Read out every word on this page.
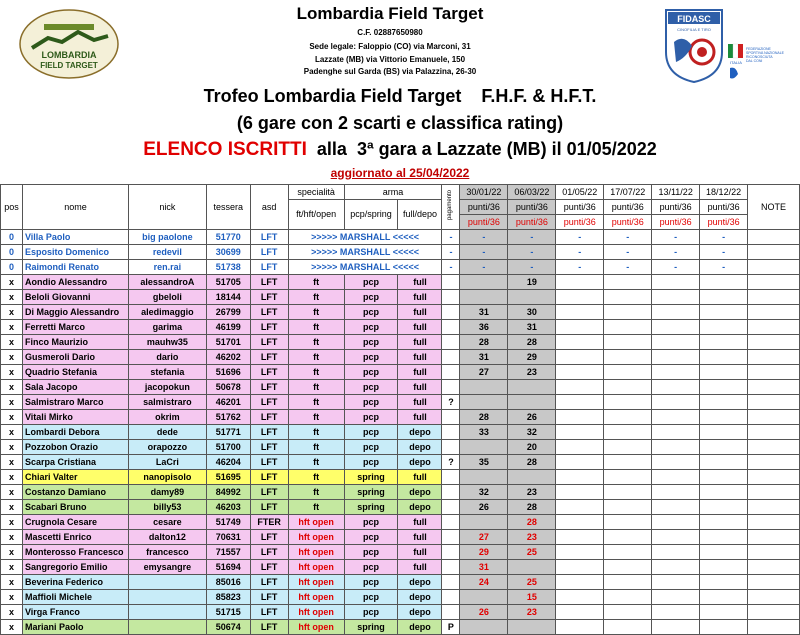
LOMBARDIA
FIELD TARGET
Lombardia Field Target
C.F. 02887650980
Sede legale: Faloppio (CO) via Marconi, 31
Lazzate (MB) via Vittorio Emanuele, 150
Padenghe sul Garda (BS) via Palazzina, 26-30
FIDASC
CINOFILIA E TIRO
ITALIA
FEDERAZIONE
SPORTIVA NAZIONALE
RICONOSCIUTA
DAL CONI
Trofeo Lombardia Field Target F.H.F. & H.F.T.
(6 gare con 2 scarti e classifica rating)
ELENCO ISCRITTI alla 3ª gara a Lazzate (MB) il 01/05/2022
aggiornato al 25/04/2022
pos	nome	nick	tessera	asd	specialità	arma		pagamento	30/01/22	06/03/22	01/05/22	17/07/22	13/11/22	18/12/22	NOTE
					ft/hft/open	pcp/spring	full/depo		punti/36	punti/36	punti/36	punti/36	punti/36	punti/36	
									punti/36	punti/36	punti/36	punti/36	punti/36	punti/36	
0	Villa Paolo	big paolone	51770	LFT	>>>>> MARSHALL <<<<<			-	-	-	-	-	-	-	
0	Esposito Domenico	redevil	30699	LFT	>>>>> MARSHALL <<<<<			-	-	-	-	-	-	-	
0	Raimondi Renato	ren.rai	51738	LFT	>>>>> MARSHALL <<<<<			-	-	-	-	-	-	-	
x	Aondio Alessandro	alessandroA	51705	LFT	ft	pcp	full			19					
x	Beloli Giovanni	gbeloli	18144	LFT	ft	pcp	full								
x	Di Maggio Alessandro	aledimaggio	26799	LFT	ft	pcp	full		31	30					
x	Ferretti Marco	garima	46199	LFT	ft	pcp	full		36	31					
x	Finco Maurizio	mauhw35	51701	LFT	ft	pcp	full		28	28					
x	Gusmeroli Dario	dario	46202	LFT	ft	pcp	full		31	29					
x	Quadrio Stefania	stefania	51696	LFT	ft	pcp	full		27	23					
x	Sala Jacopo	jacopokun	50678	LFT	ft	pcp	full								
x	Salmistraro Marco	salmistraro	46201	LFT	ft	pcp	full	?							
x	Vitali Mirko	okrim	51762	LFT	ft	pcp	full		28	26					
x	Lombardi Debora	dede	51771	LFT	ft	pcp	depo		33	32					
x	Pozzobon Orazio	orapozzo	51700	LFT	ft	pcp	depo			20					
x	Scarpa Cristiana	LaCri	46204	LFT	ft	pcp	depo	?	35	28					
x	Chiari Valter	nanopisolo	51695	LFT	ft	spring	full								
x	Costanzo Damiano	damy89	84992	LFT	ft	spring	depo		32	23					
x	Scabari Bruno	billy53	46203	LFT	ft	spring	depo		26	28					
x	Crugnola Cesare	cesare	51749	FTER	hft open	pcp	full			28					
x	Mascetti Enrico	dalton12	70631	LFT	hft open	pcp	full		27	23					
x	Monterosso Francesco	francesco	71557	LFT	hft open	pcp	full		29	25					
x	Sangregorio Emilio	emysangre	51694	LFT	hft open	pcp	full		31						
x	Beverina Federico		85016	LFT	hft open	pcp	depo		24	25					
x	Maffioli Michele		85823	LFT	hft open	pcp	depo			15					
x	Virga Franco		51715	LFT	hft open	pcp	depo		26	23					
x	Mariani Paolo		50674	LFT	hft open	spring	depo	P							
